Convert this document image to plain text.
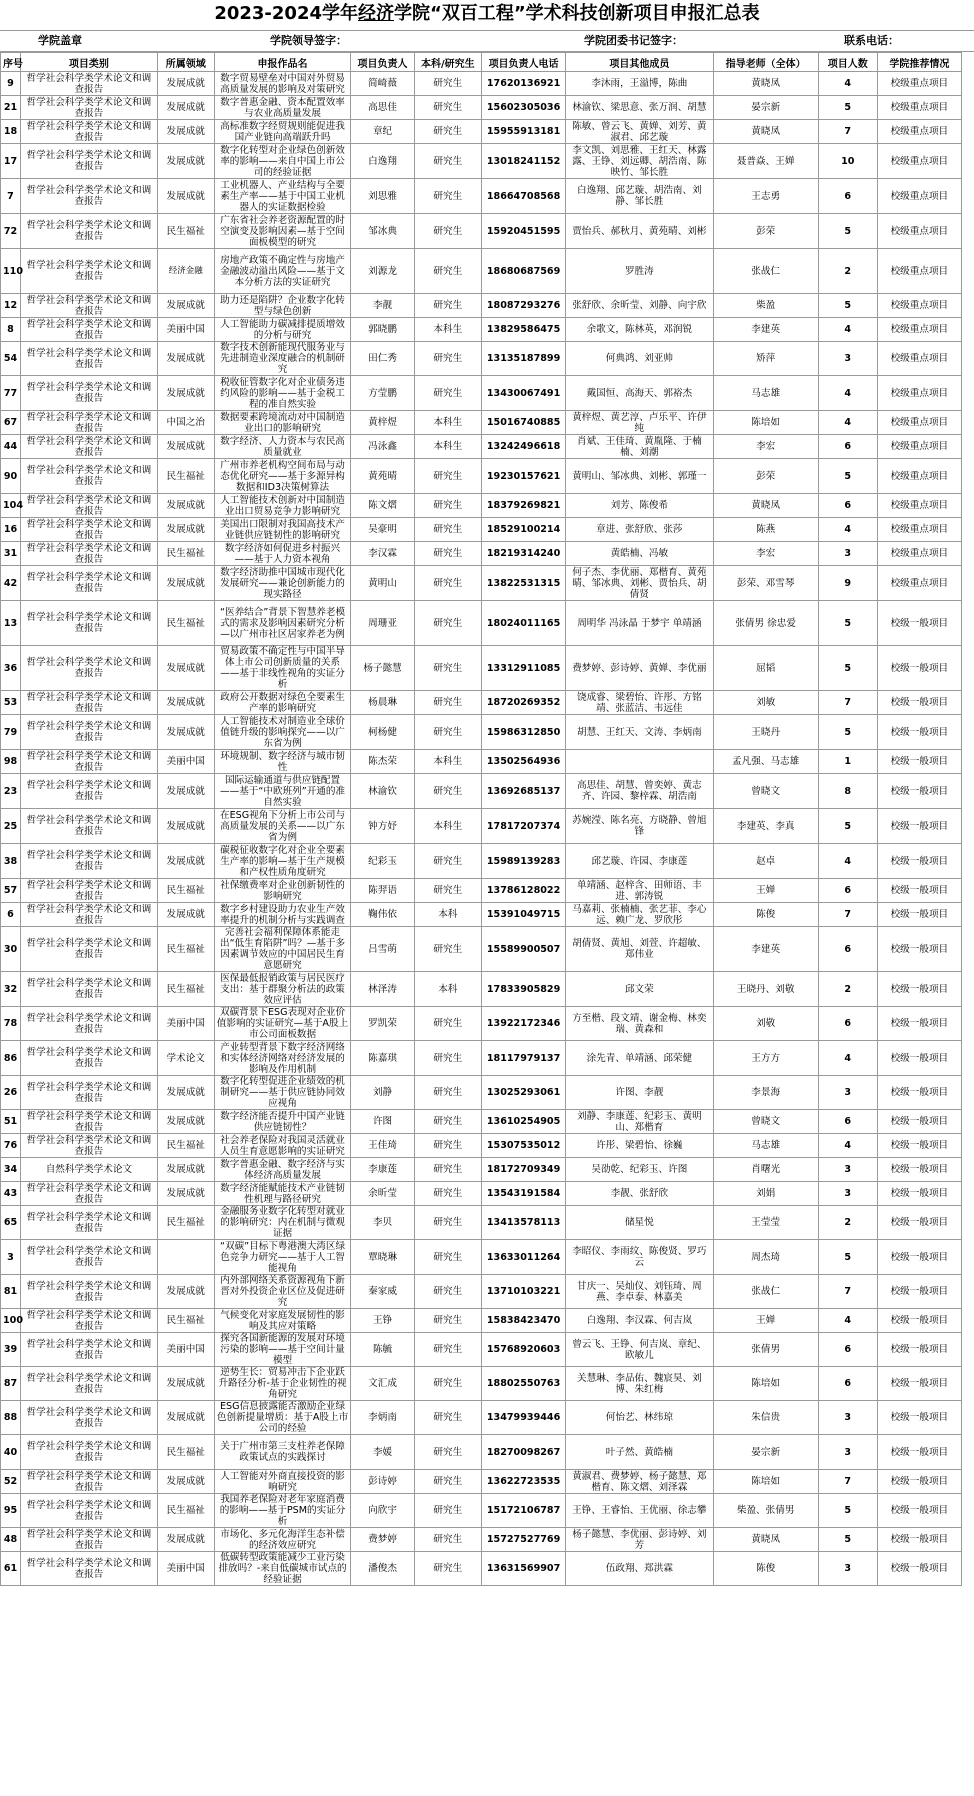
2023-2024学年经济学院“双百工程”学术科技创新项目申报汇总表
学院盖章	学院领导签字：	学院团委书记签字：	联系电话：
序号	项目类别	所属领域	申报作品名	项目负责人	本科/研究生	项目负责人电话	项目其他成员	指导老师（全体）	项目人数	学院推荐情况
9	哲学社会科学类学术论文和调查报告	发展成就	数字贸易壁垒对中国对外贸易高质量发展的影响及对策研究	简崎薇	研究生	17620136921	李沐雨，王溢博，陈曲	黄晓凤	4	校级重点项目
21	哲学社会科学类学术论文和调查报告	发展成就	数字普惠金融、资本配置效率与农业高质量发展	高思佳	研究生	15602305036	林渝钦、梁思意、张万润、胡慧	晏宗新	5	校级重点项目
18	哲学社会科学类学术论文和调查报告	发展成就	高标准数字经贸规则能促进我国产业链向高端跃升吗	章纪	研究生	15955913181	陈敏、曾云飞、黄婵、刘芳、黄淑君、邱艺璇	黄晓凤	7	校级重点项目
17	哲学社会科学类学术论文和调查报告	发展成就	数字化转型对企业绿色创新效率的影响——来自中国上市公司的经验证据	白逸翔	研究生	13018241152	李文凯、刘思雅、王红天、林露露、王铮、刘远卿、胡浩南、陈映竹、邹长胜	聂普焱、王婵	10	校级重点项目
7	哲学社会科学类学术论文和调查报告	发展成就	工业机器人、产业结构与全要素生产率——基于中国工业机器人的实证数据检验	刘思雅	研究生	18664708568	白逸翔、邱艺璇、胡浩南、刘静、邹长胜	王志勇	6	校级重点项目
72	哲学社会科学类学术论文和调查报告	民生福祉	广东省社会养老资源配置的时空演变及影响因素—基于空间面板模型的研究	邹冰典	研究生	15920451595	贾怡兵、郝秋月、黄苑晴、刘彬	彭荣	5	校级重点项目
110	哲学社会科学类学术论文和调查报告	经济金融	房地产政策不确定性与房地产金融波动溢出风险——基于文本分析方法的实证研究	刘源龙	研究生	18680687569	罗胜涛	张战仁	2	校级重点项目
12	哲学社会科学类学术论文和调查报告	发展成就	助力还是陷阱？企业数字化转型与绿色创新	李靓	研究生	18087293276	张舒欣、余昕莹、刘静、向宇欣	柴盈	5	校级重点项目
8	哲学社会科学类学术论文和调查报告	美丽中国	人工智能助力碳减排提质增效的分析与研究	郭晓鹏	本科生	13829586475	余歌文，陈林英，邓润锐	李建英	4	校级重点项目
54	哲学社会科学类学术论文和调查报告	发展成就	数字技术创新能现代服务业与先进制造业深度融合的机制研究	田仁秀	研究生	13135187899	何典鸿、刘亚帅	矫萍	3	校级重点项目
77	哲学社会科学类学术论文和调查报告	发展成就	税收征管数字化对企业债务违约风险的影响——基于金税工程的准自然实验	方莹鹏	研究生	13430067491	戴国恒、高海天、郭裕杰	马志雄	4	校级重点项目
67	哲学社会科学类学术论文和调查报告	中国之治	数据要素跨境流动对中国制造业出口的影响研究	黄梓煜	本科生	15016740885	黄梓煜、黄艺淳、卢乐平、许伊纯	陈培如	4	校级重点项目
44	哲学社会科学类学术论文和调查报告	发展成就	数字经济、人力资本与农民高质量就业	冯泳鑫	本科生	13242496618	肖斌、王佳琦、黄胤隆、于楠楠、刘潮	李宏	6	校级重点项目
90	哲学社会科学类学术论文和调查报告	民生福祉	广州市养老机构空间布局与动态优化研究——基于多源异构数据和ID3决策树算法	黄苑晴	研究生	19230157621	黄明山、邹冰典、刘彬、郭瑾一	彭荣	5	校级重点项目
104	哲学社会科学类学术论文和调查报告	发展成就	人工智能技术创新对中国制造业出口贸易竞争力影响研究	陈文熠	研究生	18379269821	刘芳、陈俊希	黄晓凤	6	校级重点项目
16	哲学社会科学类学术论文和调查报告	发展成就	美国出口限制对我国高技术产业链供应链韧性的影响研究	吴豪明	研究生	18529100214	章进、张舒欣、张莎	陈燕	4	校级重点项目
31	哲学社会科学类学术论文和调查报告	民生福祉	数字经济如何促进乡村振兴——基于人力资本视角	李汉霖	研究生	18219314240	黄皓楠、冯敏	李宏	3	校级重点项目
42	哲学社会科学类学术论文和调查报告	发展成就	数字经济助推中国城市现代化发展研究——兼论创新能力的现实路径	黄明山	研究生	13822531315	何子杰、李优丽、郑楷育、黄苑晴、邹冰典、刘彬、贾怡兵、胡倩贤	彭荣、邓雪琴	9	校级重点项目
13	哲学社会科学类学术论文和调查报告	民生福祉	“医养结合”背景下智慧养老模式的需求及影响因素研究分析—以广州市社区居家养老为例	周珊亚	研究生	18024011165	周明华 冯泳晶 于梦宇 单靖涵	张倩男 徐忠爱	5	校级一般项目
36	哲学社会科学类学术论文和调查报告	发展成就	贸易政策不确定性与中国半导体上市公司创新质量的关系——基于非线性视角的实证分析	杨子懿慧	研究生	13312911085	费梦婷、彭诗婷、黄婵、李优丽	屈韬	5	校级一般项目
53	哲学社会科学类学术论文和调查报告	发展成就	政府公开数据对绿色全要素生产率的影响研究	杨晨琳	研究生	18720269352	饶成睿、梁碧怡、许彤、方铭靖、张蓝洁、韦远佳	刘敏	7	校级一般项目
79	哲学社会科学类学术论文和调查报告	发展成就	人工智能技术对制造业全球价值链升级的影响探究——以广东省为例	柯杨健	研究生	15986312850	胡慧、王红天、文涛、李炳南	王晓丹	5	校级一般项目
98	哲学社会科学类学术论文和调查报告	美丽中国	环境规制、数字经济与城市韧性	陈杰荣	本科生	13502564936		孟凡强、马志雄	1	校级一般项目
23	哲学社会科学类学术论文和调查报告	发展成就	国际运输通道与供应链配置——基于“中欧班列”开通的准自然实验	林渝钦	研究生	13692685137	高思佳、胡慧、曾奕婷、黄志齐、许园、黎梓霖、胡浩南	曾晓文	8	校级一般项目
25	哲学社会科学类学术论文和调查报告	发展成就	在ESG视角下分析上市公司与高质量发展的关系——以广东省为例	钟方妤	本科生	17817207374	苏婉滢、陈名亮、方晓静、曾旭锋	李建英、李真	5	校级一般项目
38	哲学社会科学类学术论文和调查报告	发展成就	碳税征收数字化对企业全要素生产率的影响—基于生产规模和产权性质角度研究	纪彩玉	研究生	15989139283	邱艺璇、许园、李康莲	赵卓	4	校级一般项目
57	哲学社会科学类学术论文和调查报告	民生福祉	社保缴费率对企业创新韧性的影响研究	陈羿语	研究生	13786128022	单靖涵、赵梓含、田师语、丰进、郭涛锐	王婵	6	校级一般项目
6	哲学社会科学类学术论文和调查报告	发展成就	数字乡村建设助力农业生产效率提升的机制分析与实践调查	鞠伟依	本科	15391049715	马嘉莉、张楠楠、张艺菲、李心远、赖广龙、罗欣彤	陈俊	7	校级一般项目
30	哲学社会科学类学术论文和调查报告	民生福祉	完善社会福利保障体系能走出“低生育陷阱”吗？—基于多因素调节效应的中国居民生育意愿研究	吕雪萌	研究生	15589900507	胡倩贤、黄旭、刘萱、许超敏、郑伟业	李建英	6	校级一般项目
32	哲学社会科学类学术论文和调查报告	民生福祉	医保最低报销政策与居民医疗支出：基于群聚分析法的政策效应评估	林泽涛	本科	17833905829	邱文荣	王晓丹、刘敬	2	校级一般项目
78	哲学社会科学类学术论文和调查报告	美丽中国	双碳背景下ESG表现对企业价值影响的实证研究—基于A股上市公司面板数据	罗凯荣	研究生	13922172346	方至楷、段文靖、谢金梅、林奕瑞、黄森和	刘敬	6	校级一般项目
86	哲学社会科学类学术论文和调查报告	学术论文	产业转型背景下数字经济网络和实体经济网络对经济发展的影响及作用机制	陈嘉琪	研究生	18117979137	涂先青、单靖涵、邱荣健	王方方	4	校级一般项目
26	哲学社会科学类学术论文和调查报告	发展成就	数字化转型促进企业绩效的机制研究——基于供应链协同效应视角	刘静	研究生	13025293061	许图、李靓	李景海	3	校级一般项目
51	哲学社会科学类学术论文和调查报告	发展成就	数字经济能否提升中国产业链供应链韧性？	许图	研究生	13610254905	刘静、李康莲、纪彩玉、黄明山、郑楷育	曾晓文	6	校级一般项目
76	哲学社会科学类学术论文和调查报告	民生福祉	社会养老保险对我国灵活就业人员生育意愿影响的实证研究	王佳琦	研究生	15307535012	许彤、梁碧怡、徐巍	马志雄	4	校级一般项目
34	自然科学类学术论文	发展成就	数字普惠金融、数字经济与实体经济高质量发展	李康莲	研究生	18172709349	吴劭乾、纪彩玉、许图	肖曙光	3	校级一般项目
43	哲学社会科学类学术论文和调查报告	发展成就	数字经济能赋能技术产业链韧性机理与路径研究	余昕莹	研究生	13543191584	李靓、张舒欣	刘娟	3	校级一般项目
65	哲学社会科学类学术论文和调查报告	民生福祉	金融服务业数字化转型对就业的影响研究：内在机制与微观证据	李贝	研究生	13413578113	储星悦	王莹莹	2	校级一般项目
3	哲学社会科学类学术论文和调查报告		“双碳”目标下粤港澳大湾区绿色竞争力研究——基于人工智能视角	覃晓琳	研究生	13633011264	李昭仪、李雨纹、陈俊贤、罗巧云	周杰琦	5	校级一般项目
81	哲学社会科学类学术论文和调查报告	发展成就	内外部网络关系资源视角下新晋对外投资企业区位及促进研究	秦家威	研究生	13710103221	甘庆一、吴灿仪、刘钰琦、周燕、李卓泰、林嘉美	张战仁	7	校级一般项目
100	哲学社会科学类学术论文和调查报告	民生福祉	气候变化对家庭发展韧性的影响及其应对策略	王铮	研究生	15838423470	白逸翔、李汉霖、何吉岚	王婵	4	校级一般项目
39	哲学社会科学类学术论文和调查报告	美丽中国	探究各国新能源的发展对环境污染的影响——基于空间计量模型	陈毓	研究生	15768920603	曾云飞、王铮、何吉岚、章纪、欧敏儿	张倩男	6	校级一般项目
87	哲学社会科学类学术论文和调查报告	发展成就	逆势生长：贸易冲击下企业跃升路径分析-基于企业韧性的视角研究	文汇成	研究生	18802550763	关慧琳、李品佑、魏宸昊、刘博、朱红梅	陈培如	6	校级一般项目
88	哲学社会科学类学术论文和调查报告	发展成就	ESG信息披露能否激励企业绿色创新提量增质：基于A股上市公司的经验	李炳南	研究生	13479939446	何怡艺、林纬琼	朱信贵	3	校级一般项目
40	哲学社会科学类学术论文和调查报告	民生福祉	关于广州市第三支柱养老保障政策试点的实践探讨	李媛	研究生	18270098267	叶子然、黄皓楠	晏宗新	3	校级一般项目
52	哲学社会科学类学术论文和调查报告	发展成就	人工智能对外商直接投资的影响研究	彭诗婷	研究生	13622723535	黄淑君、费梦婷、杨子懿慧、郑楷育、陈文熠、刘泽霖	陈培如	7	校级一般项目
95	哲学社会科学类学术论文和调查报告	民生福祉	我国养老保险对老年家庭消费的影响——基于PSM的实证分析	向欣宇	研究生	15172106787	王铮、王睿怡、王优丽、徐志攀	柴盈、张倩男	5	校级一般项目
48	哲学社会科学类学术论文和调查报告	发展成就	市场化、多元化海洋生态补偿的经济效应研究	费梦婷	研究生	15727527769	杨子懿慧、李优丽、彭诗婷、刘芳	黄晓凤	5	校级一般项目
61	哲学社会科学类学术论文和调查报告	美丽中国	低碳转型政策能减少工业污染排放吗？-来自低碳城市试点的经验证据	潘俊杰	研究生	13631569907	伍政翔、郑洪霖	陈俊	3	校级一般项目
